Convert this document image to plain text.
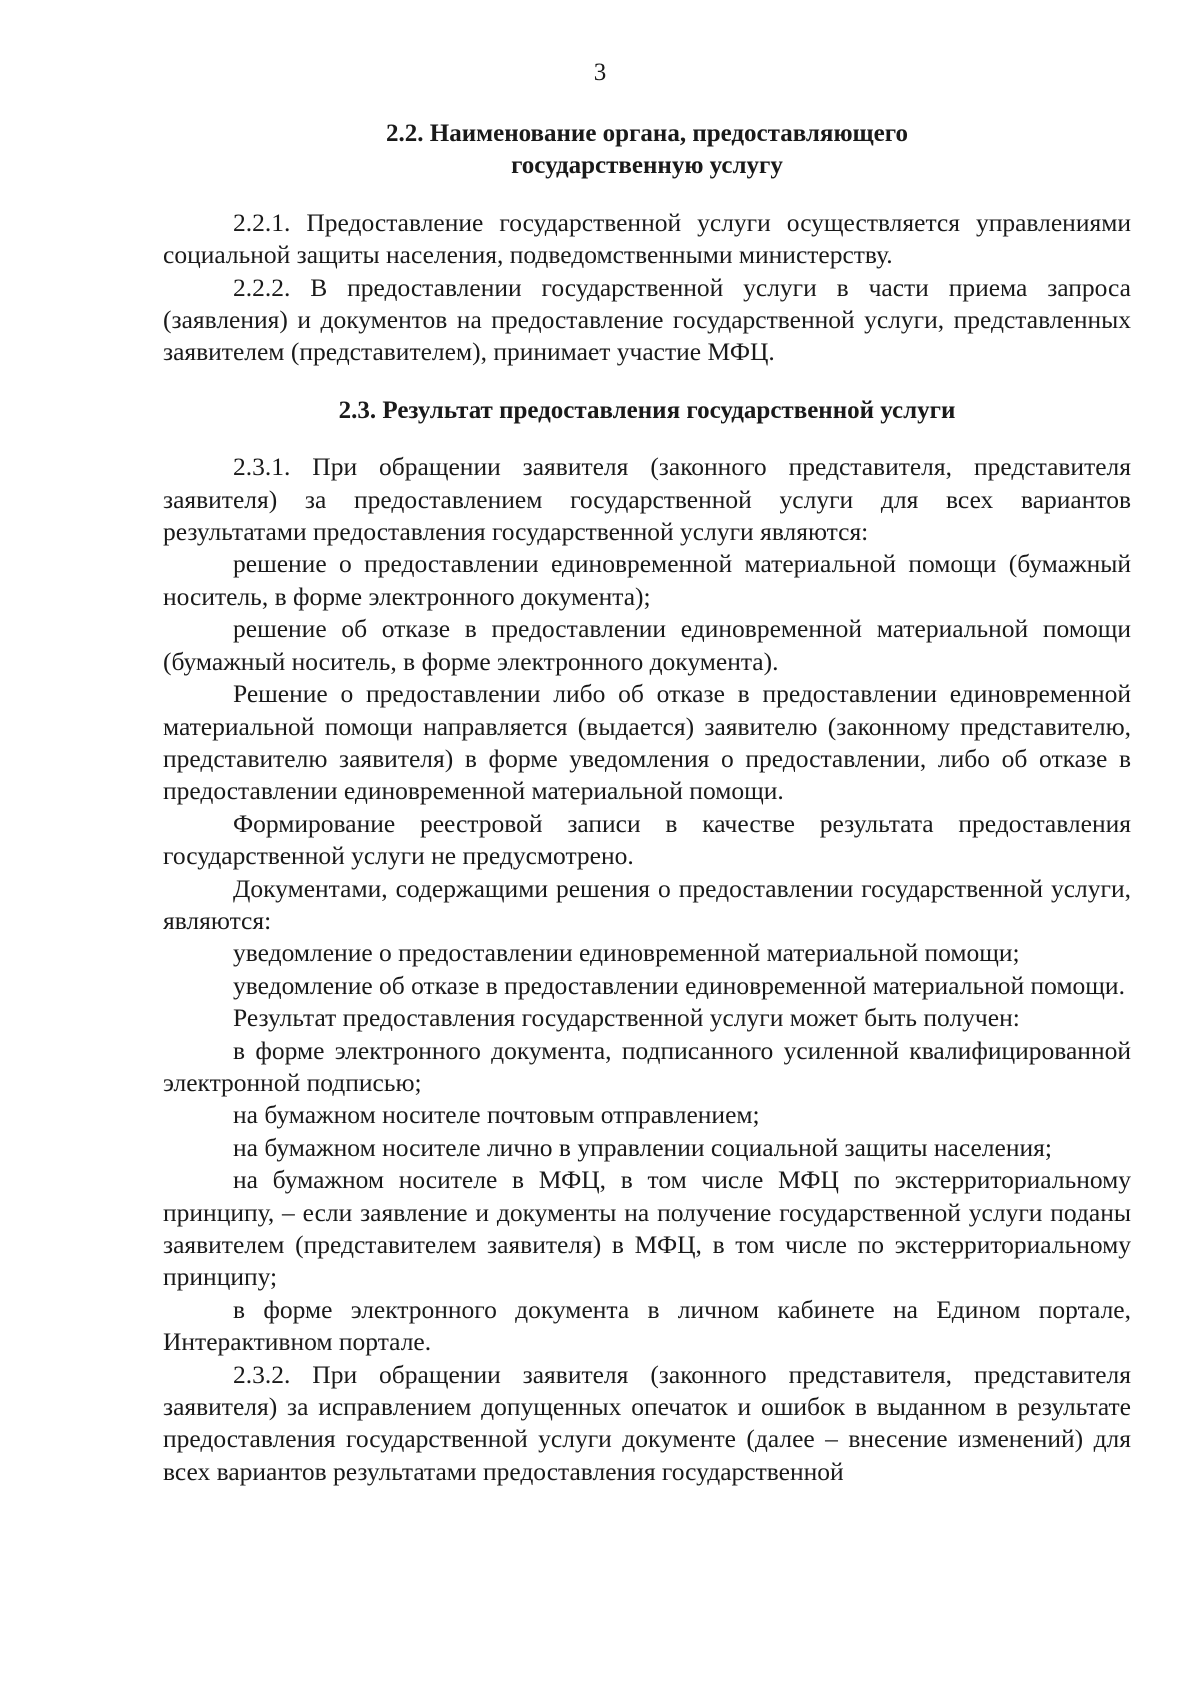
3
2.2. Наименование органа, предоставляющего
государственную услугу

2.2.1. Предоставление государственной услуги осуществляется управлениями социальной защиты населения, подведомственными министерству.

2.2.2. В предоставлении государственной услуги в части приема запроса (заявления) и документов на предоставление государственной услуги, представленных заявителем (представителем), принимает участие МФЦ.

2.3. Результат предоставления государственной услуги

2.3.1. При обращении заявителя (законного представителя, представителя заявителя) за предоставлением государственной услуги для всех вариантов результатами предоставления государственной услуги являются:

решение о предоставлении единовременной материальной помощи (бумажный носитель, в форме электронного документа);

решение об отказе в предоставлении единовременной материальной помощи (бумажный носитель, в форме электронного документа).

Решение о предоставлении либо об отказе в предоставлении единовременной материальной помощи направляется (выдается) заявителю (законному представителю, представителю заявителя) в форме уведомления о предоставлении, либо об отказе в предоставлении единовременной материальной помощи.

Формирование реестровой записи в качестве результата предоставления государственной услуги не предусмотрено.

Документами, содержащими решения о предоставлении государственной услуги, являются:

уведомление о предоставлении единовременной материальной помощи;

уведомление об отказе в предоставлении единовременной материальной помощи.

Результат предоставления государственной услуги может быть получен:

в форме электронного документа, подписанного усиленной квалифицированной электронной подписью;

на бумажном носителе почтовым отправлением;

на бумажном носителе лично в управлении социальной защиты населения;

на бумажном носителе в МФЦ, в том числе МФЦ по экстерриториальному принципу, – если заявление и документы на получение государственной услуги поданы заявителем (представителем заявителя) в МФЦ, в том числе по экстерриториальному принципу;

в форме электронного документа в личном кабинете на Едином портале, Интерактивном портале.

2.3.2. При обращении заявителя (законного представителя, представителя заявителя) за исправлением допущенных опечаток и ошибок в выданном в результате предоставления государственной услуги документе (далее – внесение изменений) для всех вариантов результатами предоставления государственной
